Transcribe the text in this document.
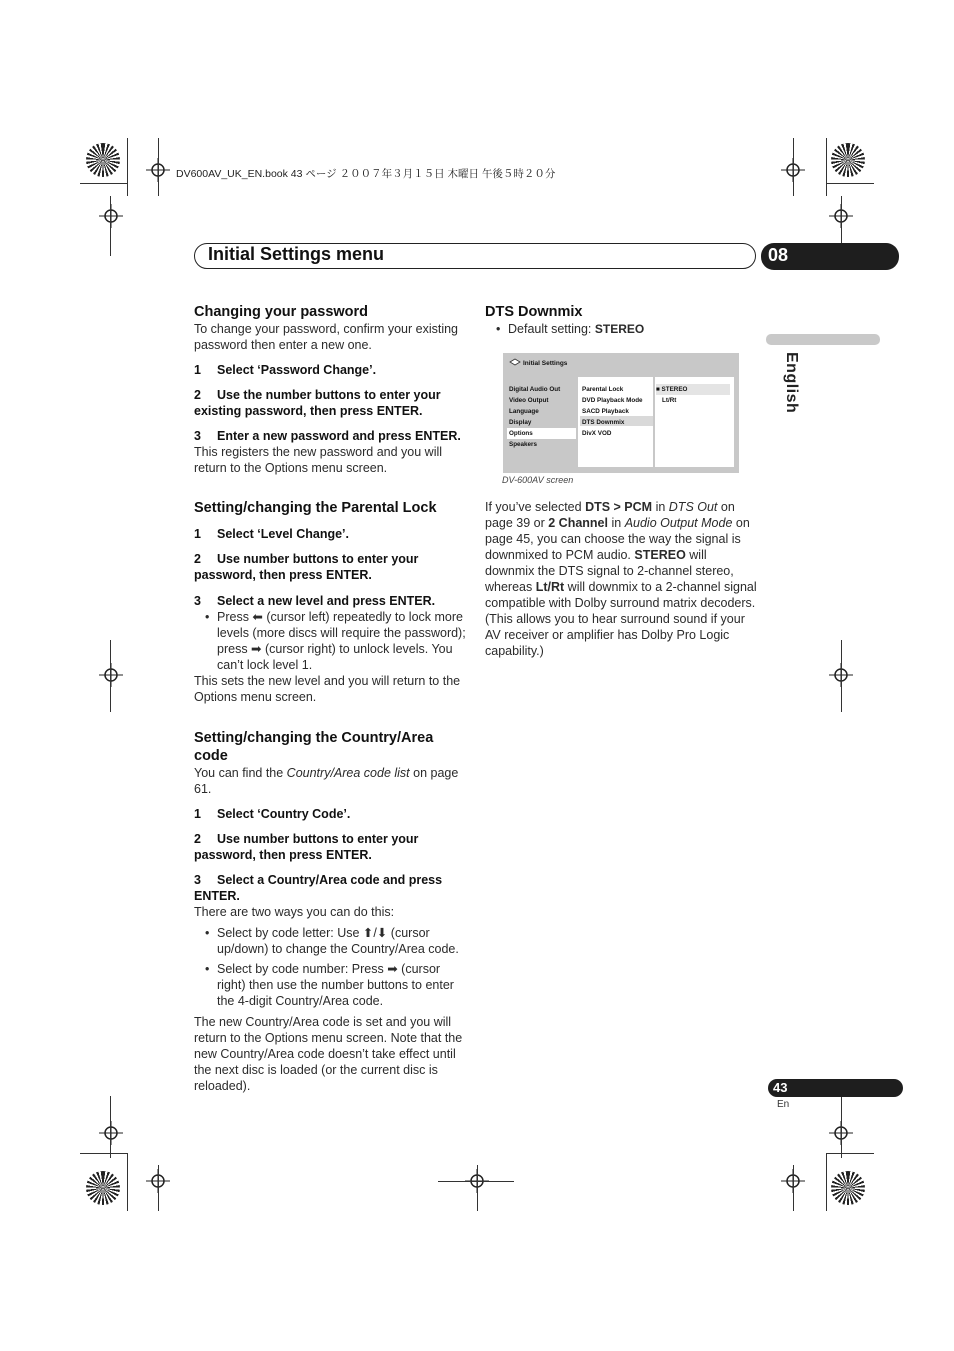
DV600AV_UK_EN.book 43 ページ ２００７年３月１５日 木曜日 午後５時２０分
Initial Settings menu	08
English

Changing your password

To change your password, confirm your existing password then enter a new one.

1 Select ‘Password Change’.

2 Use the number buttons to enter your existing password, then press ENTER.

3 Enter a new password and press ENTER.

This registers the new password and you will return to the Options menu screen.

Setting/changing the Parental Lock

1 Select ‘Level Change’.

2 Use number buttons to enter your password, then press ENTER.

3 Select a new level and press ENTER.

• Press ⬅ (cursor left) repeatedly to lock more levels (more discs will require the password); press ➡ (cursor right) to unlock levels. You can’t lock level 1.

This sets the new level and you will return to the Options menu screen.

Setting/changing the Country/Area code

You can find the Country/Area code list on page 61.

1 Select ‘Country Code’.

2 Use number buttons to enter your password, then press ENTER.

3 Select a Country/Area code and press ENTER.

There are two ways you can do this:

• Select by code letter: Use ⬆/⬇ (cursor up/down) to change the Country/Area code.

• Select by code number: Press ➡ (cursor right) then use the number buttons to enter the 4-digit Country/Area code.

The new Country/Area code is set and you will return to the Options menu screen. Note that the new Country/Area code doesn’t take effect until the next disc is loaded (or the current disc is reloaded).

DTS Downmix

• Default setting: STEREO

Initial Settings
Digital Audio Out
Video Output
Language
Display
Options
Speakers
Parental Lock
DVD Playback Mode
SACD Playback
DTS Downmix
DivX VOD
■ STEREO
Lt/Rt
DV-600AV screen

If you’ve selected DTS > PCM in DTS Out on page 39 or 2 Channel in Audio Output Mode on page 45, you can choose the way the signal is downmixed to PCM audio. STEREO will downmix the DTS signal to 2-channel stereo, whereas Lt/Rt will downmix to a 2-channel signal compatible with Dolby surround matrix decoders. (This allows you to hear surround sound if your AV receiver or amplifier has Dolby Pro Logic capability.)

43
En
